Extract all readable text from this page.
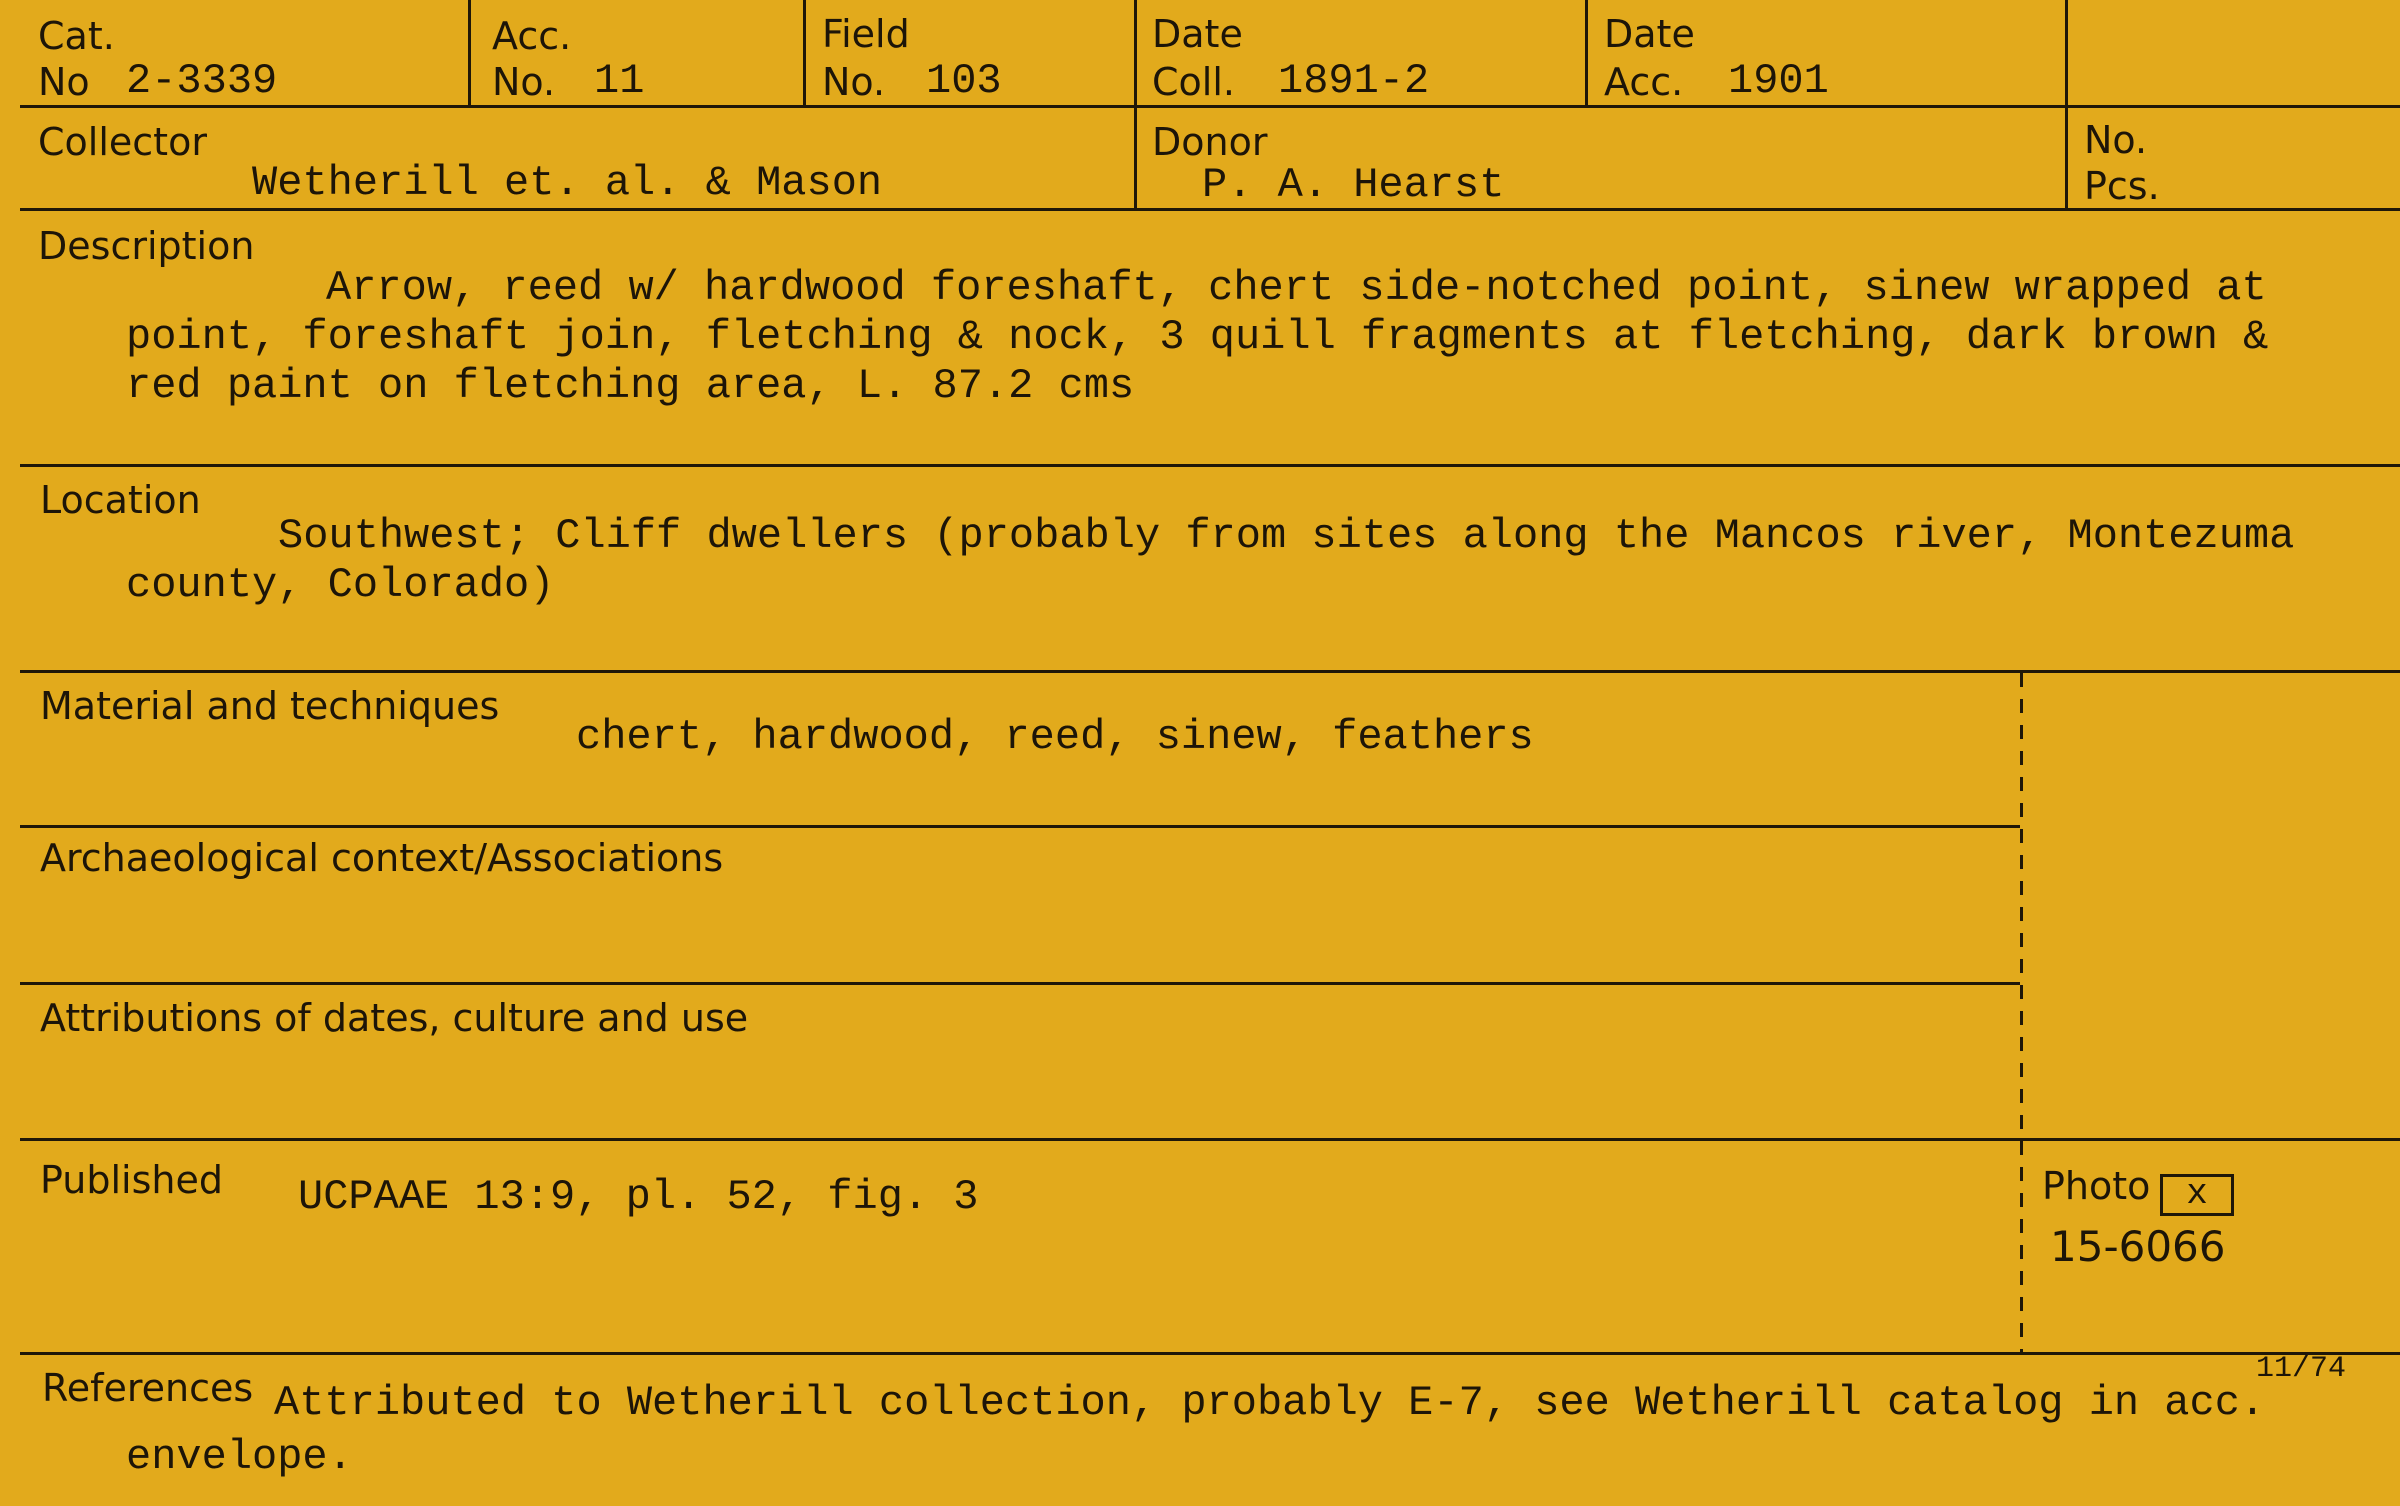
Cat.
No 2-3339
Acc.
No. 11
Field
No. 103
Date
Coll. 1891-2
Date
Acc. 1901
Collector
Wetherill et. al. & Mason
Donor
P. A. Hearst
No.
Pcs.
Description
Arrow, reed w/ hardwood foreshaft, chert side-notched point, sinew wrapped at
point, foreshaft join, fletching & nock, 3 quill fragments at fletching, dark brown &
red paint on fletching area, L. 87.2 cms
Location
Southwest; Cliff dwellers (probably from sites along the Mancos river, Montezuma
county, Colorado)
Material and techniques
chert, hardwood, reed, sinew, feathers
Archaeological context/Associations
Attributions of dates, culture and use
Published UCPAAE 13:9, pl. 52, fig. 3	Photo x
15-6066
References	11/74
Attributed to Wetherill collection, probably E-7, see Wetherill catalog in acc.
envelope.
